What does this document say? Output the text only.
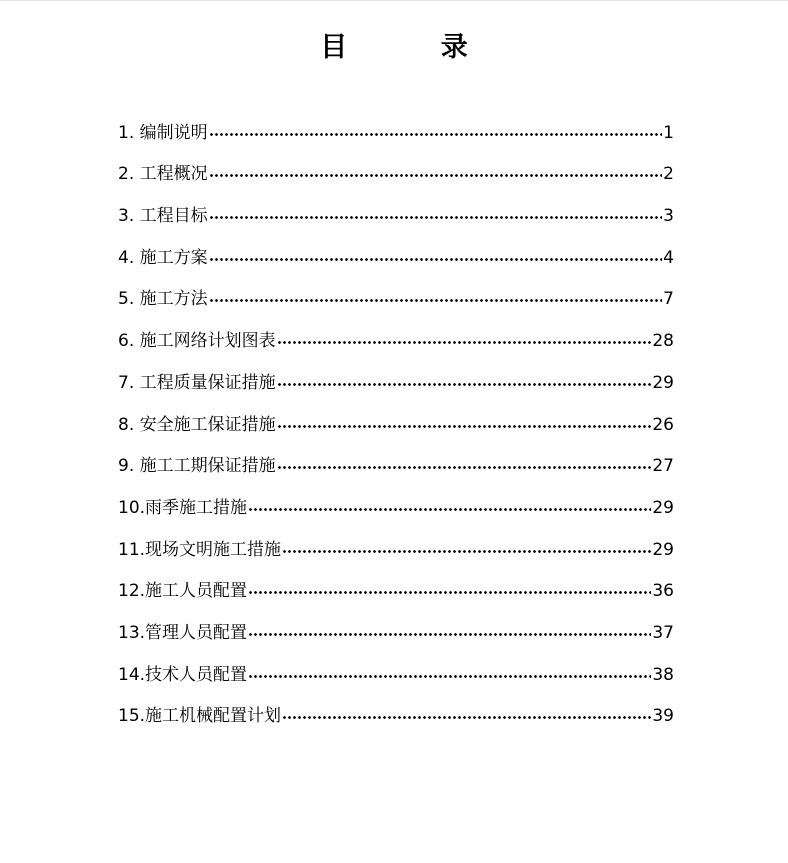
目 录
1. 编制说明	1
2. 工程概况	2
3. 工程目标	3
4. 施工方案	4
5. 施工方法	7
6. 施工网络计划图表	28
7. 工程质量保证措施	29
8. 安全施工保证措施	26
9. 施工工期保证措施	27
10.雨季施工措施	29
11.现场文明施工措施	29
12.施工人员配置	36
13.管理人员配置	37
14.技术人员配置	38
15.施工机械配置计划	39
